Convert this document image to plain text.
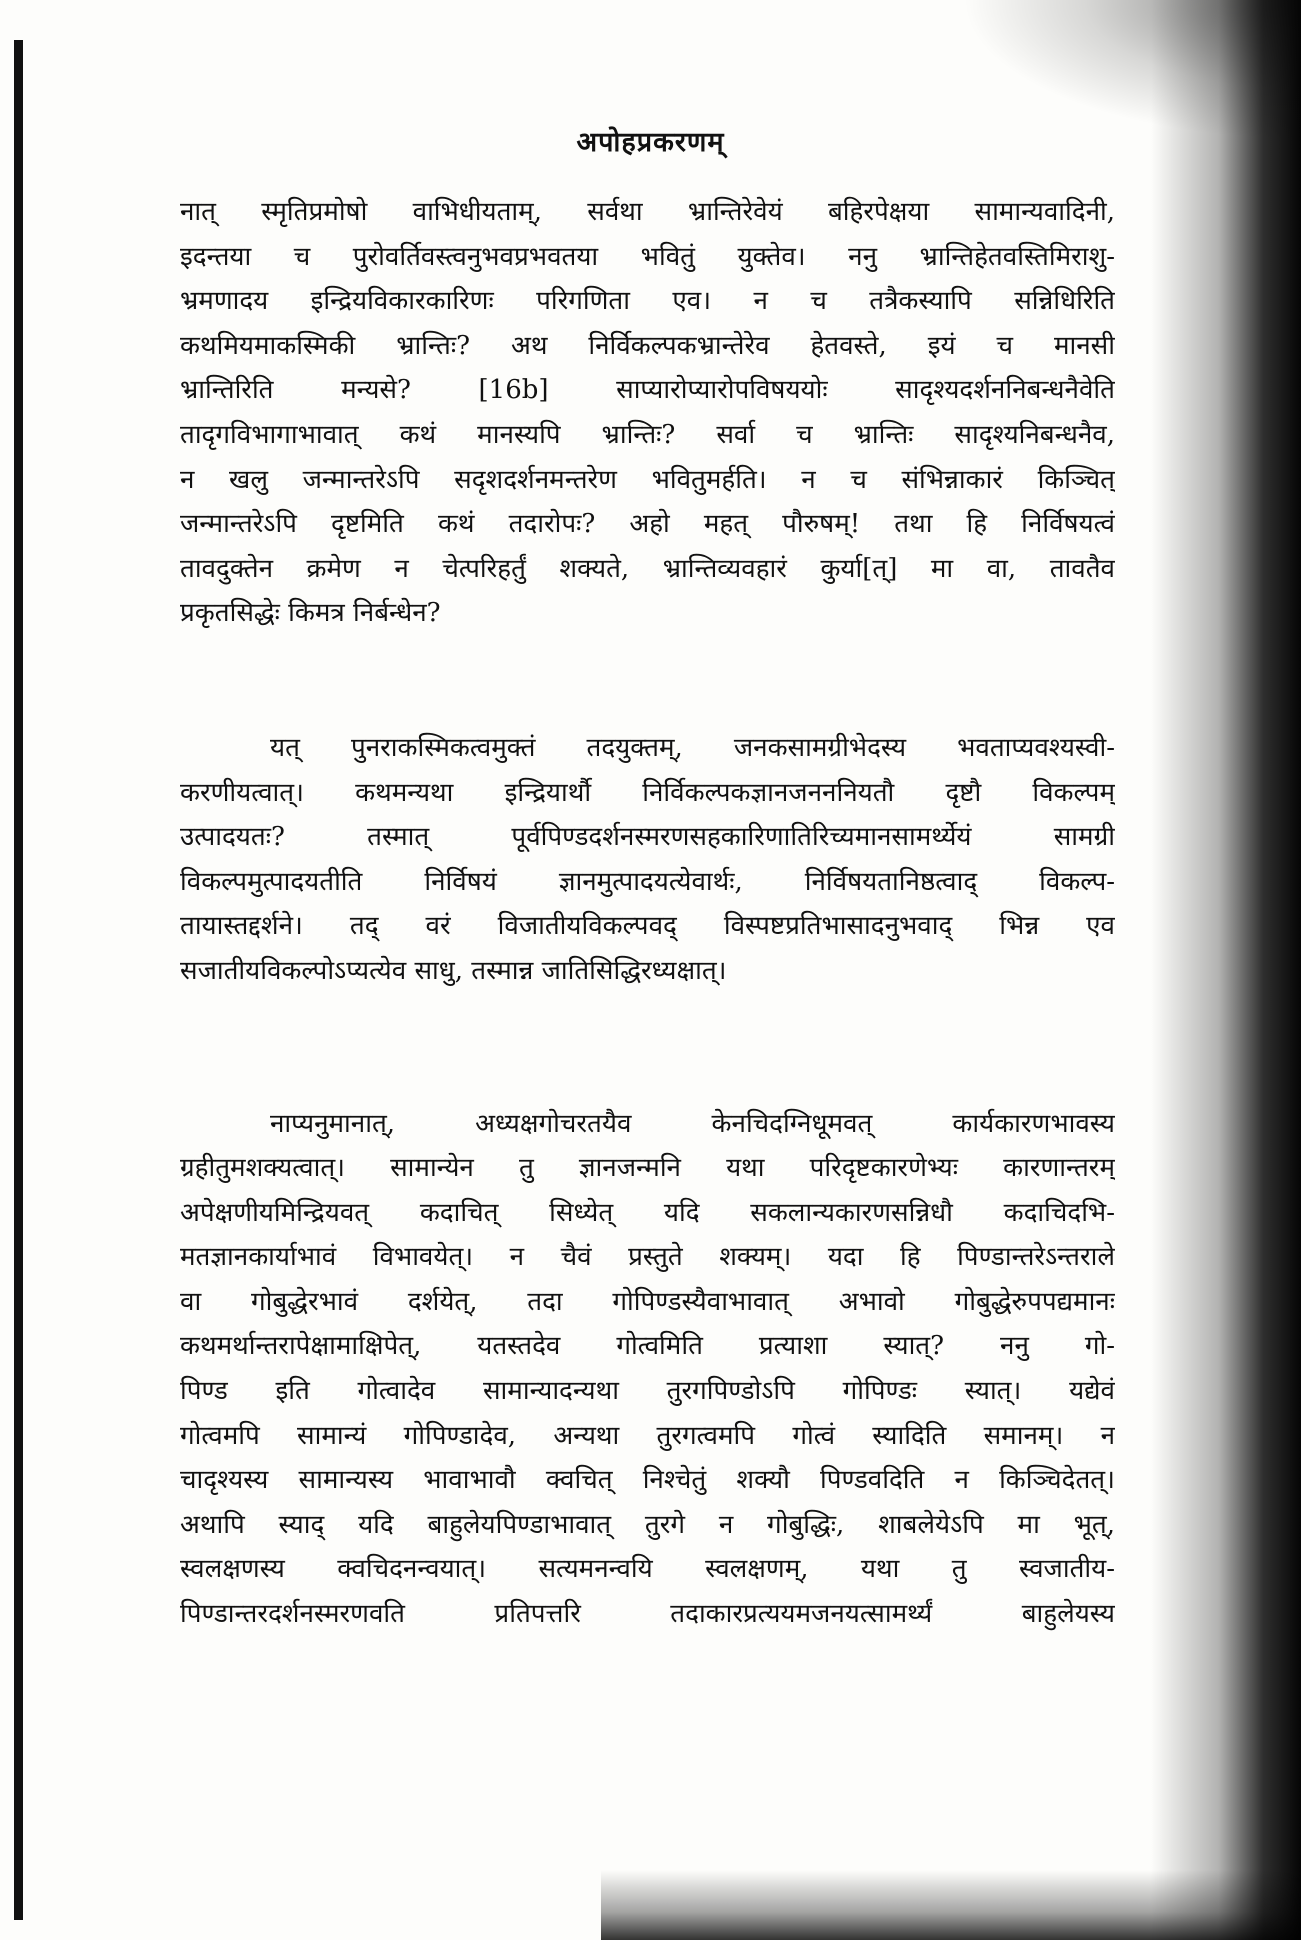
अपोहप्रकरणम्
नात् स्मृतिप्रमोषो वाभिधीयताम्, सर्वथा भ्रान्तिरेवेयं बहिरपेक्षया सामान्यवादिनी,
इदन्तया च पुरोवर्तिवस्त्वनुभवप्रभवतया भवितुं युक्तेव। ननु भ्रान्तिहेतवस्तिमिराशु-
भ्रमणादय इन्द्रियविकारकारिणः परिगणिता एव। न च तत्रैकस्यापि सन्निधिरिति
कथमियमाकस्मिकी भ्रान्तिः? अथ निर्विकल्पकभ्रान्तेरेव हेतवस्ते, इयं च मानसी
भ्रान्तिरिति मन्यसे? [16b] साप्यारोप्यारोपविषययोः सादृश्यदर्शननिबन्धनैवेति
तादृगविभागाभावात् कथं मानस्यपि भ्रान्तिः? सर्वा च भ्रान्तिः सादृश्यनिबन्धनैव,
न खलु जन्मान्तरेऽपि सदृशदर्शनमन्तरेण भवितुमर्हति। न च संभिन्नाकारं किञ्चित्
जन्मान्तरेऽपि दृष्टमिति कथं तदारोपः? अहो महत् पौरुषम्! तथा हि निर्विषयत्वं
तावदुक्तेन क्रमेण न चेत्परिहर्तुं शक्यते, भ्रान्तिव्यवहारं कुर्या[त्] मा वा, तावतैव
प्रकृतसिद्धेः किमत्र निर्बन्धेन?
यत् पुनराकस्मिकत्वमुक्तं तदयुक्तम्, जनकसामग्रीभेदस्य भवताप्यवश्यस्वी-
करणीयत्वात्। कथमन्यथा इन्द्रियार्थौ निर्विकल्पकज्ञानजनननियतौ दृष्टौ विकल्पम्
उत्पादयतः? तस्मात् पूर्वपिण्डदर्शनस्मरणसहकारिणातिरिच्यमानसामर्थ्येयं सामग्री
विकल्पमुत्पादयतीति निर्विषयं ज्ञानमुत्पादयत्येवार्थः, निर्विषयतानिष्ठत्वाद् विकल्प-
तायास्तद्दर्शने। तद् वरं विजातीयविकल्पवद् विस्पष्टप्रतिभासादनुभवाद् भिन्न एव
सजातीयविकल्पोऽप्यत्येव साधु, तस्मान्न जातिसिद्धिरध्यक्षात्।
नाप्यनुमानात्, अध्यक्षगोचरतयैव केनचिदग्निधूमवत् कार्यकारणभावस्य
ग्रहीतुमशक्यत्वात्। सामान्येन तु ज्ञानजन्मनि यथा परिदृष्टकारणेभ्यः कारणान्तरम्
अपेक्षणीयमिन्द्रियवत् कदाचित् सिध्येत् यदि सकलान्यकारणसन्निधौ कदाचिदभि-
मतज्ञानकार्याभावं विभावयेत्। न चैवं प्रस्तुते शक्यम्। यदा हि पिण्डान्तरेऽन्तराले
वा गोबुद्धेरभावं दर्शयेत्, तदा गोपिण्डस्यैवाभावात् अभावो गोबुद्धेरुपपद्यमानः
कथमर्थान्तरापेक्षामाक्षिपेत्, यतस्तदेव गोत्वमिति प्रत्याशा स्यात्? ननु गो-
पिण्ड इति गोत्वादेव सामान्यादन्यथा तुरगपिण्डोऽपि गोपिण्डः स्यात्। यद्येवं
गोत्वमपि सामान्यं गोपिण्डादेव, अन्यथा तुरगत्वमपि गोत्वं स्यादिति समानम्। न
चादृश्यस्य सामान्यस्य भावाभावौ क्वचित् निश्चेतुं शक्यौ पिण्डवदिति न किञ्चिदेतत्।
अथापि स्याद् यदि बाहुलेयपिण्डाभावात् तुरगे न गोबुद्धिः, शाबलेयेऽपि मा भूत्,
स्वलक्षणस्य क्वचिदनन्वयात्। सत्यमनन्वयि स्वलक्षणम्, यथा तु स्वजातीय-
पिण्डान्तरदर्शनस्मरणवति प्रतिपत्तरि तदाकारप्रत्ययमजनयत्सामर्थ्यं बाहुलेयस्य
